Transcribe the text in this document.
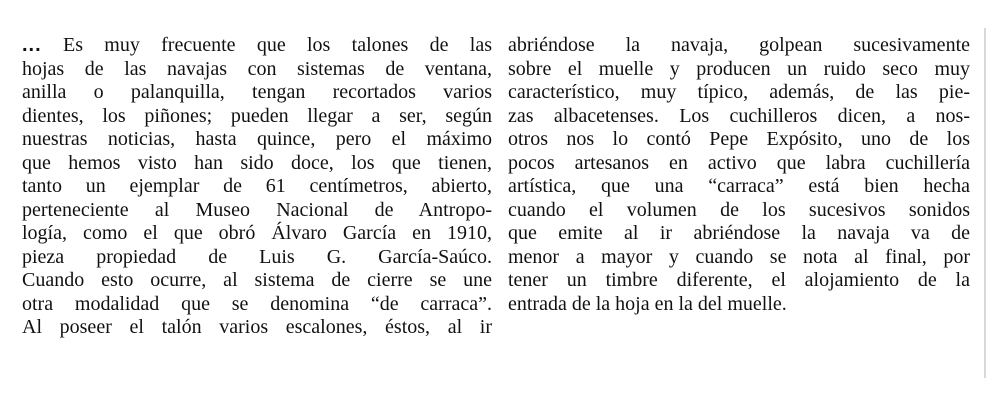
... Es muy frecuente que los talones de las
hojas de las navajas con sistemas de ventana,
anilla o palanquilla, tengan recortados varios
dientes, los piñones; pueden llegar a ser, según
nuestras noticias, hasta quince, pero el máximo
que hemos visto han sido doce, los que tienen,
tanto un ejemplar de 61 centímetros, abierto,
perteneciente al Museo Nacional de Antropo-
logía, como el que obró Álvaro García en 1910,
pieza propiedad de Luis G. García-Saúco.
Cuando esto ocurre, al sistema de cierre se une
otra modalidad que se denomina “de carraca”.
Al poseer el talón varios escalones, éstos, al ir
abriéndose la navaja, golpean sucesivamente
sobre el muelle y producen un ruido seco muy
característico, muy típico, además, de las pie-
zas albacetenses. Los cuchilleros dicen, a nos-
otros nos lo contó Pepe Expósito, uno de los
pocos artesanos en activo que labra cuchillería
artística, que una “carraca” está bien hecha
cuando el volumen de los sucesivos sonidos
que emite al ir abriéndose la navaja va de
menor a mayor y cuando se nota al final, por
tener un timbre diferente, el alojamiento de la
entrada de la hoja en la del muelle.
